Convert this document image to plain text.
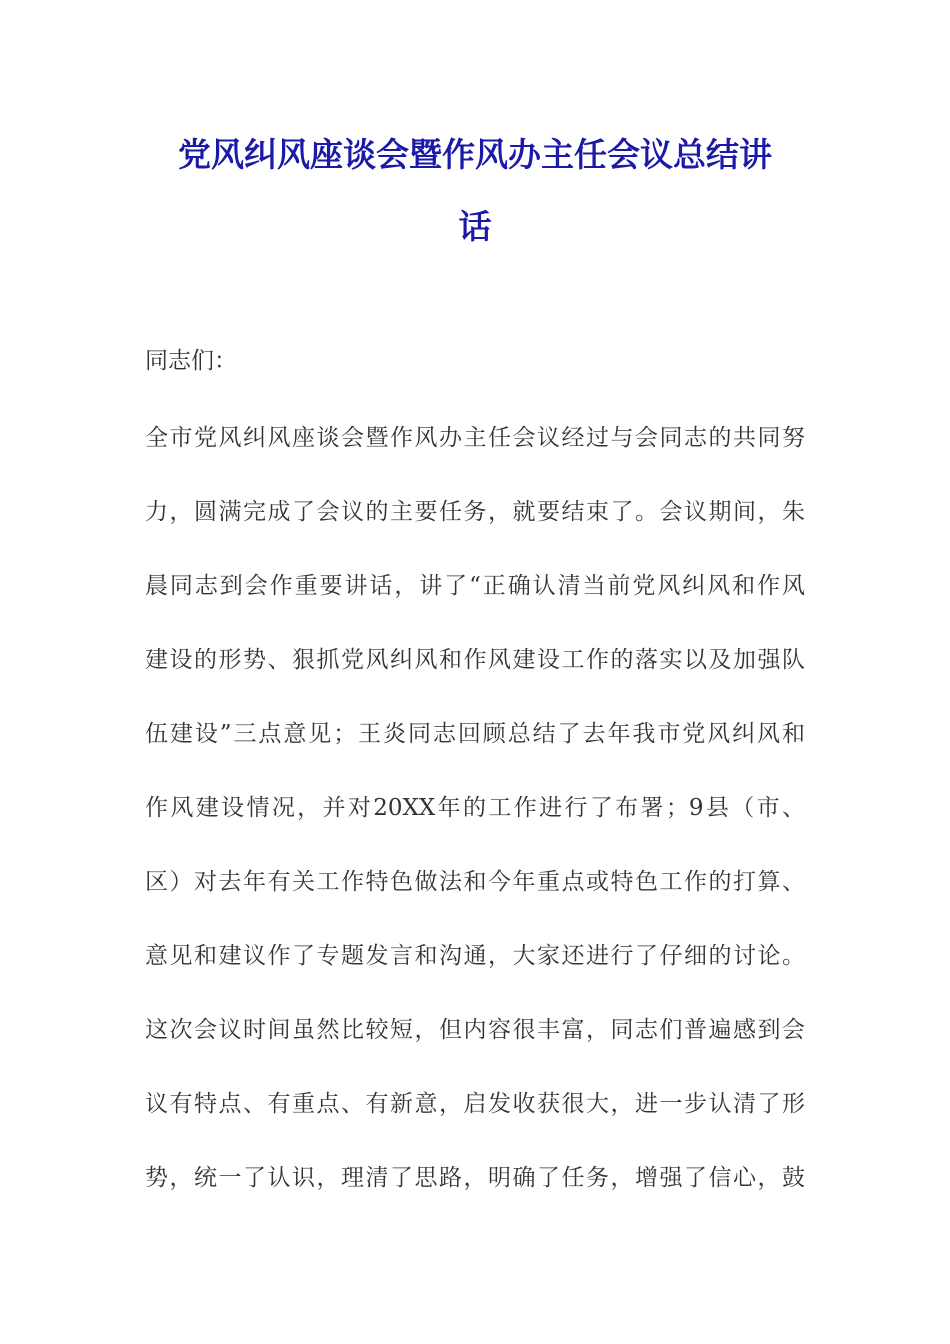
党风纠风座谈会暨作风办主任会议总结讲
话

同志们：

全市党风纠风座谈会暨作风办主任会议经过与会同志的共同努

力，圆满完成了会议的主要任务，就要结束了。会议期间，朱

晨同志到会作重要讲话，讲了“正确认清当前党风纠风和作风

建设的形势、狠抓党风纠风和作风建设工作的落实以及加强队

伍建设”三点意见；王炎同志回顾总结了去年我市党风纠风和

作风建设情况，并对20XX年的工作进行了布署；9县（市、

区）对去年有关工作特色做法和今年重点或特色工作的打算、

意见和建议作了专题发言和沟通，大家还进行了仔细的讨论。

这次会议时间虽然比较短，但内容很丰富，同志们普遍感到会

议有特点、有重点、有新意，启发收获很大，进一步认清了形

势，统一了认识，理清了思路，明确了任务，增强了信心，鼓
